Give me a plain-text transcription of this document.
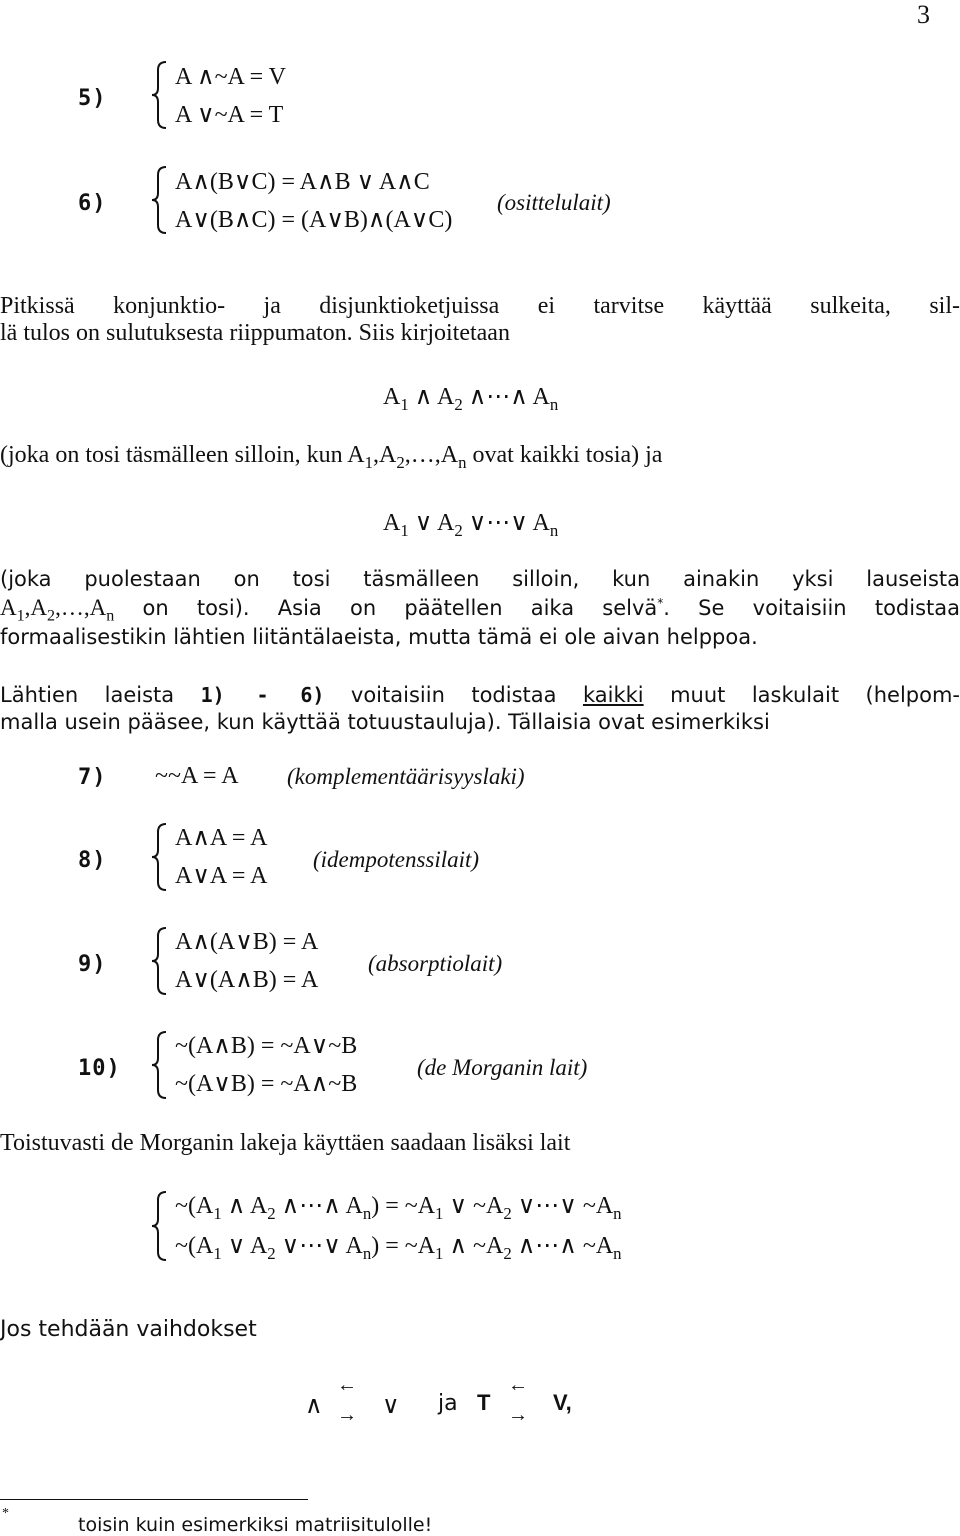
3
5)
A ∧~A = V
A ∨~A = T
6)
A∧(B∨C) = A∧B ∨ A∧C
A∨(B∧C) = (A∨B)∧(A∨C)
(osittelulait)
Pitkissä konjunktio- ja disjunktioketjuissa ei tarvitse käyttää sulkeita, sil-
lä tulos on sulutuksesta riippumaton. Siis kirjoitetaan
$A_1$ ∧ $A_2$ ∧⋯∧ $A_n$
(joka on tosi täsmälleen silloin, kun $A_1,A_2,\dots,A_n$ ovat kaikki tosia) ja
$A_1$ ∨ $A_2$ ∨⋯∨ $A_n$
(joka puolestaan on tosi täsmälleen silloin, kun ainakin yksi lauseista
$A_1,A_2,\dots,A_n$ on tosi). Asia on päätellen aika selvä*. Se voitaisiin todistaa
formaalisestikin lähtien liitäntälaeista, mutta tämä ei ole aivan helppoa.
Lähtien laeista 1) - 6) voitaisiin todistaa kaikki muut laskulait (helpom-
malla usein pääsee, kun käyttää totuustauluja). Tällaisia ovat esimerkiksi
7) ~~A = A (komplementäärisyyslaki)
8)
A∧A = A
A∨A = A
(idempotenssilait)
9)
A∧(A∨B) = A
A∨(A∧B) = A
(absorptiolait)
10)
~(A∧B) = ~A∨~B
~(A∨B) = ~A∧~B
(de Morganin lait)
Toistuvasti de Morganin lakeja käyttäen saadaan lisäksi lait
$\sim(A_1$ ∧ $A_2$ ∧⋯∧ $A_n$) = $\sim A_1$ ∨ $\sim A_2$ ∨⋯∨ $\sim A_n$
$\sim(A_1$ ∨ $A_2$ ∨⋯∨ $A_n$) = $\sim A_1$ ∧ $\sim A_2$ ∧⋯∧ $\sim A_n$
Jos tehdään vaihdokset
∧
←
→ ∨ ja T
←
→ V,
*
toisin kuin esimerkiksi matriisitulolle!
